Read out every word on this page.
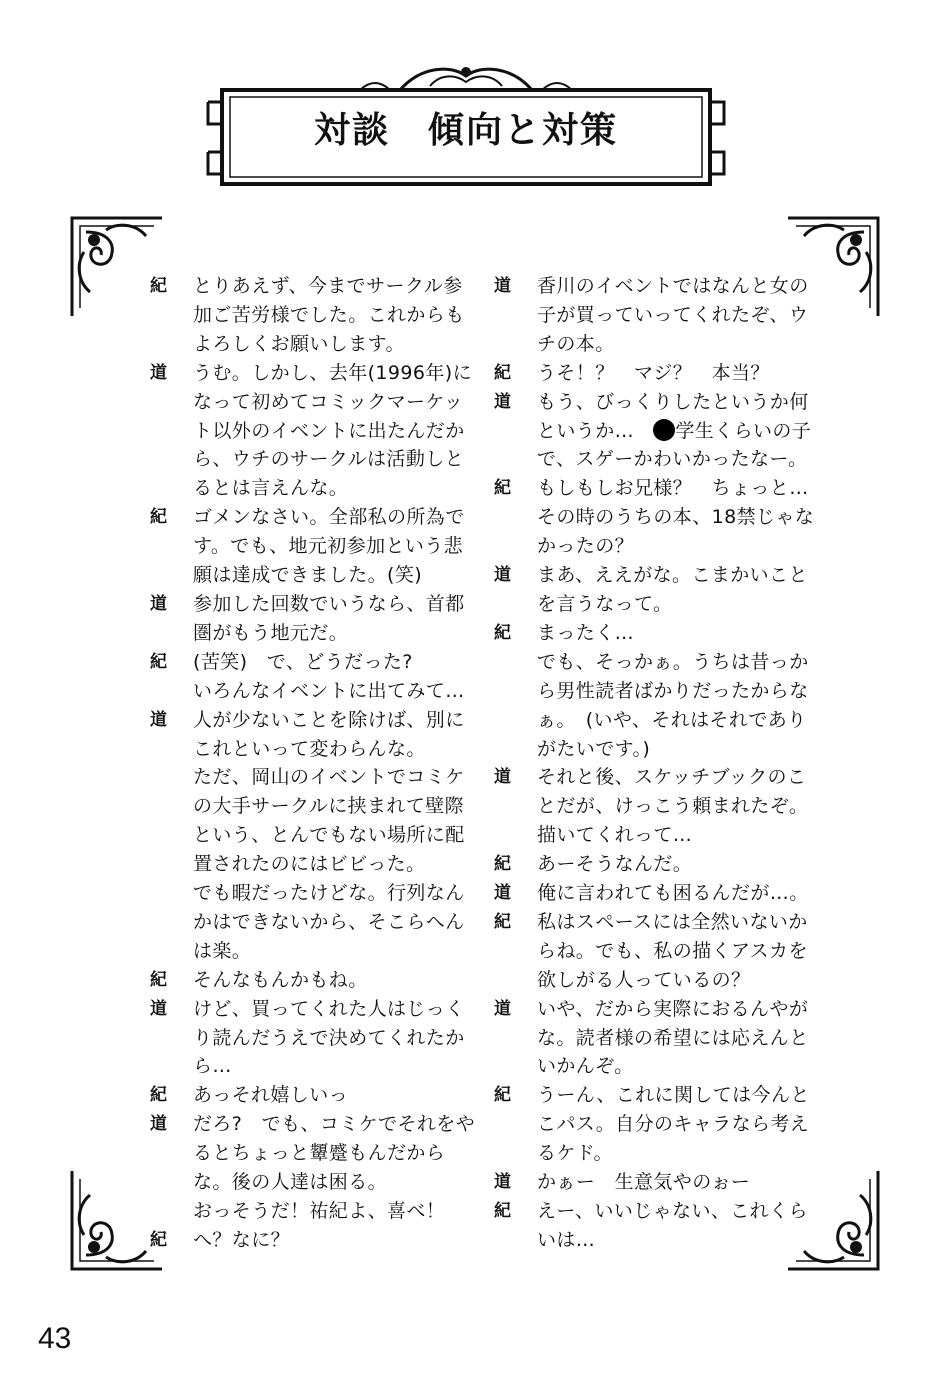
対談　傾向と対策
紀 とりあえず、今までサークル参
加ご苦労様でした。これからも
よろしくお願いします。
道 うむ。しかし、去年(1996年)に
なって初めてコミックマーケッ
ト以外のイベントに出たんだか
ら、ウチのサークルは活動しと
るとは言えんな。
紀 ゴメンなさい。全部私の所為で
す。でも、地元初参加という悲
願は達成できました。(笑)
道 参加した回数でいうなら、首都
圏がもう地元だ。
紀 (苦笑)　で、どうだった?
いろんなイベントに出てみて…
道 人が少ないことを除けば、別に
これといって変わらんな。
ただ、岡山のイベントでコミケ
の大手サークルに挟まれて壁際
という、とんでもない場所に配
置されたのにはビビった。
でも暇だったけどな。行列なん
かはできないから、そこらへん
は楽。
紀 そんなもんかもね。
道 けど、買ってくれた人はじっく
り読んだうえで決めてくれたか
ら…
紀 あっそれ嬉しいっ
道 だろ?　でも、コミケでそれをや
るとちょっと顰蹙もんだから
な。後の人達は困る。
おっそうだ！祐紀よ、喜べ！
紀 へ？なに？
道 香川のイベントではなんと女の
子が買っていってくれたぞ、ウ
チの本。
紀 うそ！？　マジ？　本当？
道 もう、びっくりしたというか何
というか…　学生くらいの子
で、スゲーかわいかったなー。
紀 もしもしお兄様？　ちょっと…
その時のうちの本、18禁じゃな
かったの？
道 まあ、ええがな。こまかいこと
を言うなって。
紀 まったく…
でも、そっかぁ。うちは昔っか
ら男性読者ばかりだったからな
ぁ。　(いや、それはそれであり
がたいです。)
道 それと後、スケッチブックのこ
とだが、けっこう頼まれたぞ。
描いてくれって…
紀 あーそうなんだ。
道 俺に言われても困るんだが…。
紀 私はスペースには全然いないか
らね。でも、私の描くアスカを
欲しがる人っているの？
道 いや、だから実際におるんやが
な。読者様の希望には応えんと
いかんぞ。
紀 うーん、これに関しては今んと
こパス。自分のキャラなら考え
るケド。
道 かぁー　生意気やのぉー
紀 えー、いいじゃない、これくら
いは…
43
